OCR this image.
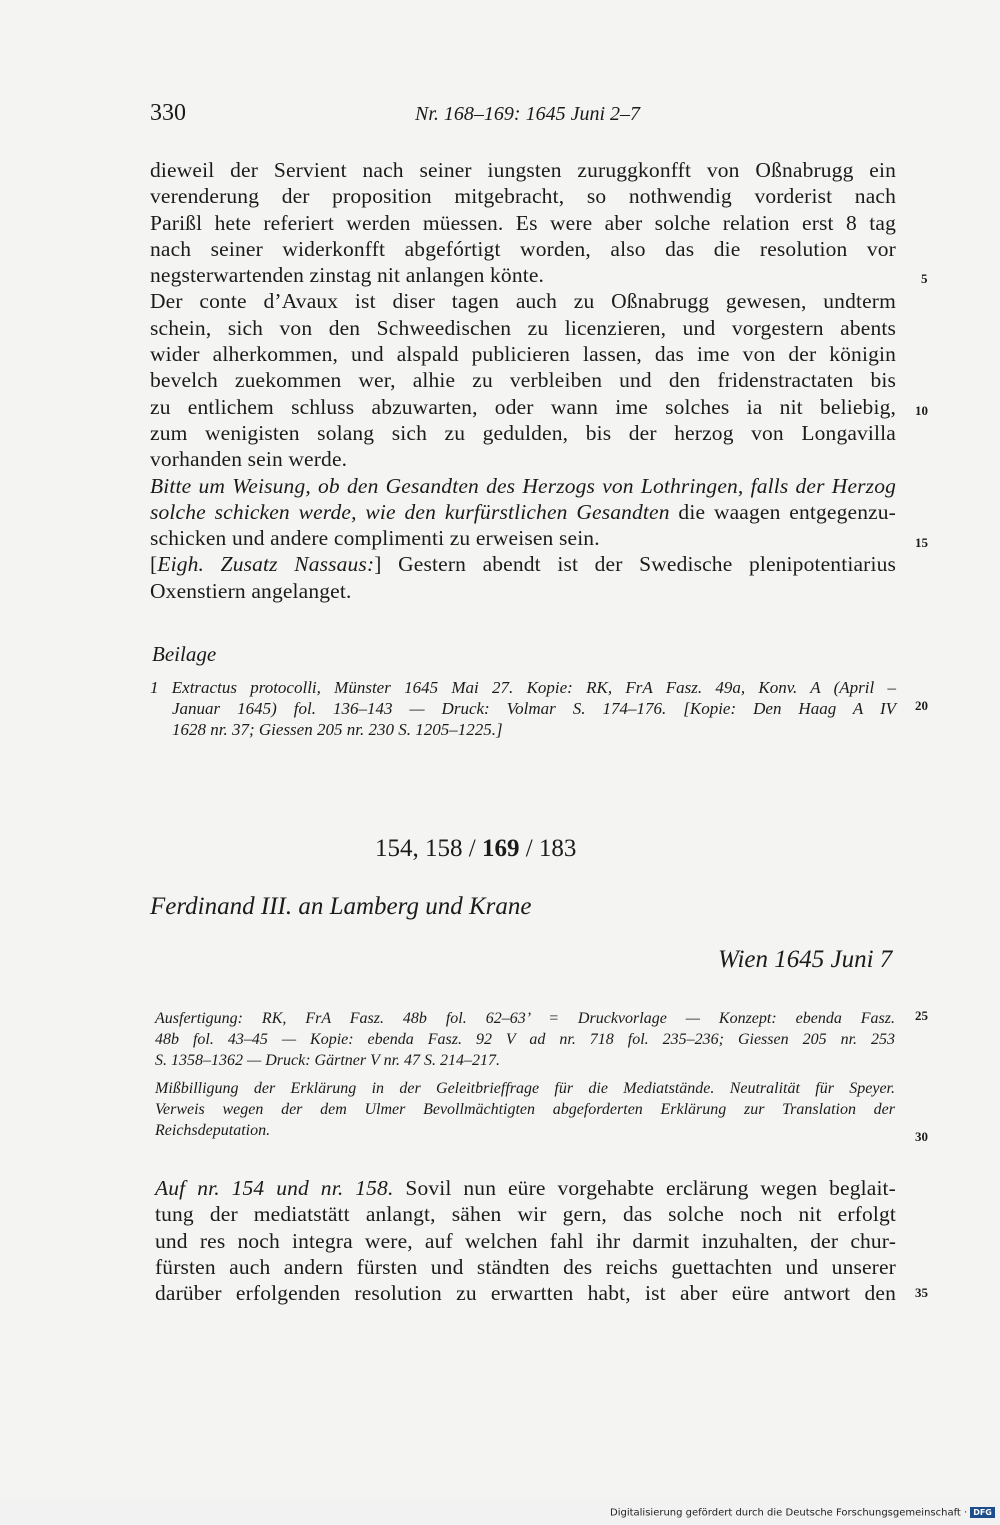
330	Nr. 168–169: 1645 Juni 2–7
dieweil der Servient nach seiner iungsten zuruggkonfft von Oßnabrugg ein
verenderung der proposition mitgebracht, so nothwendig vorderist nach
Parißl hete referiert werden müessen. Es were aber solche relation erst 8 tag
nach seiner widerkonfft abgefórtigt worden, also das die resolution vor
negsterwartenden zinstag nit anlangen könte.
Der conte d’Avaux ist diser tagen auch zu Oßnabrugg gewesen, undterm
schein, sich von den Schweedischen zu licenzieren, und vorgestern abents
wider alherkommen, und alspald publicieren lassen, das ime von der königin
bevelch zuekommen wer, alhie zu verbleiben und den fridenstractaten bis
zu entlichem schluss abzuwarten, oder wann ime solches ia nit beliebig,
zum wenigisten solang sich zu gedulden, bis der herzog von Longavilla
vorhanden sein werde.
Bitte um Weisung, ob den Gesandten des Herzogs von Lothringen, falls der Herzog
solche schicken werde, wie den kurfürstlichen Gesandten die waagen entgegenzu-
schicken und andere complimenti zu erweisen sein.
[Eigh. Zusatz Nassaus:] Gestern abendt ist der Swedische plenipotentiarius
Oxenstiern angelanget.
Beilage
1 Extractus protocolli, Münster 1645 Mai 27. Kopie: RK, FrA Fasz. 49a, Konv. A (April –
Januar 1645) fol. 136–143 — Druck: Volmar S. 174–176. [Kopie: Den Haag A IV
1628 nr. 37; Giessen 205 nr. 230 S. 1205–1225.]
154, 158 / 169 / 183
Ferdinand III. an Lamberg und Krane
Wien 1645 Juni 7
Ausfertigung: RK, FrA Fasz. 48b fol. 62–63’ = Druckvorlage — Konzept: ebenda Fasz.
48b fol. 43–45 — Kopie: ebenda Fasz. 92 V ad nr. 718 fol. 235–236; Giessen 205 nr. 253
S. 1358–1362 — Druck: Gärtner V nr. 47 S. 214–217.
Mißbilligung der Erklärung in der Geleitbrieffrage für die Mediatstände. Neutralität für Speyer.
Verweis wegen der dem Ulmer Bevollmächtigten abgeforderten Erklärung zur Translation der
Reichsdeputation.
Auf nr. 154 und nr. 158. Sovil nun eüre vorgehabte erclärung wegen beglait-
tung der mediatstätt anlangt, sähen wir gern, das solche noch nit erfolgt
und res noch integra were, auf welchen fahl ihr darmit inzuhalten, der chur-
fürsten auch andern fürsten und ständten des reichs guettachten und unserer
darüber erfolgenden resolution zu erwartten habt, ist aber eüre antwort den
5
10
15
20
25
30
35
Digitalisierung gefördert durch die Deutsche Forschungsgemeinschaft · DFG
